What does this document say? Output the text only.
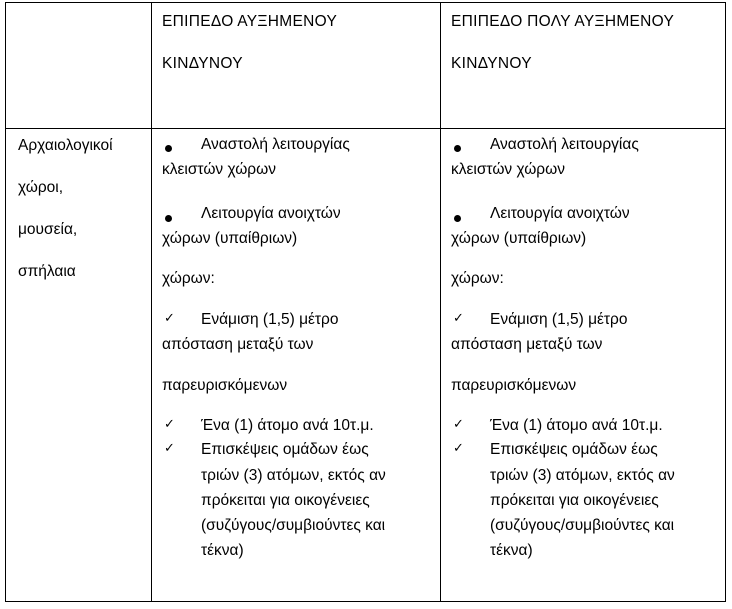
ΕΠΙΠΕΔΟ ΑΥΞΗΜΕΝΟΥ
ΚΙΝΔΥΝΟΥ
ΕΠΙΠΕΔΟ ΠΟΛΥ ΑΥΞΗΜΕΝΟΥ
ΚΙΝΔΥΝΟΥ
Αρχαιολογικοί
χώροι,
μουσεία,
σπήλαια
Αναστολή λειτουργίας
κλειστών χώρων
Λειτουργία ανοιχτών
χώρων (υπαίθριων)
χώρων:
✓ Ενάμιση (1,5) μέτρο
απόσταση μεταξύ των
παρευρισκόμενων
✓ Ένα (1) άτομο ανά 10τ.μ.
✓ Επισκέψεις ομάδων έως
τριών (3) ατόμων, εκτός αν
πρόκειται για οικογένειες
(συζύγους/συμβιούντες και
τέκνα)
Αναστολή λειτουργίας
κλειστών χώρων
Λειτουργία ανοιχτών
χώρων (υπαίθριων)
χώρων:
✓ Ενάμιση (1,5) μέτρο
απόσταση μεταξύ των
παρευρισκόμενων
✓ Ένα (1) άτομο ανά 10τ.μ.
✓ Επισκέψεις ομάδων έως
τριών (3) ατόμων, εκτός αν
πρόκειται για οικογένειες
(συζύγους/συμβιούντες και
τέκνα)
